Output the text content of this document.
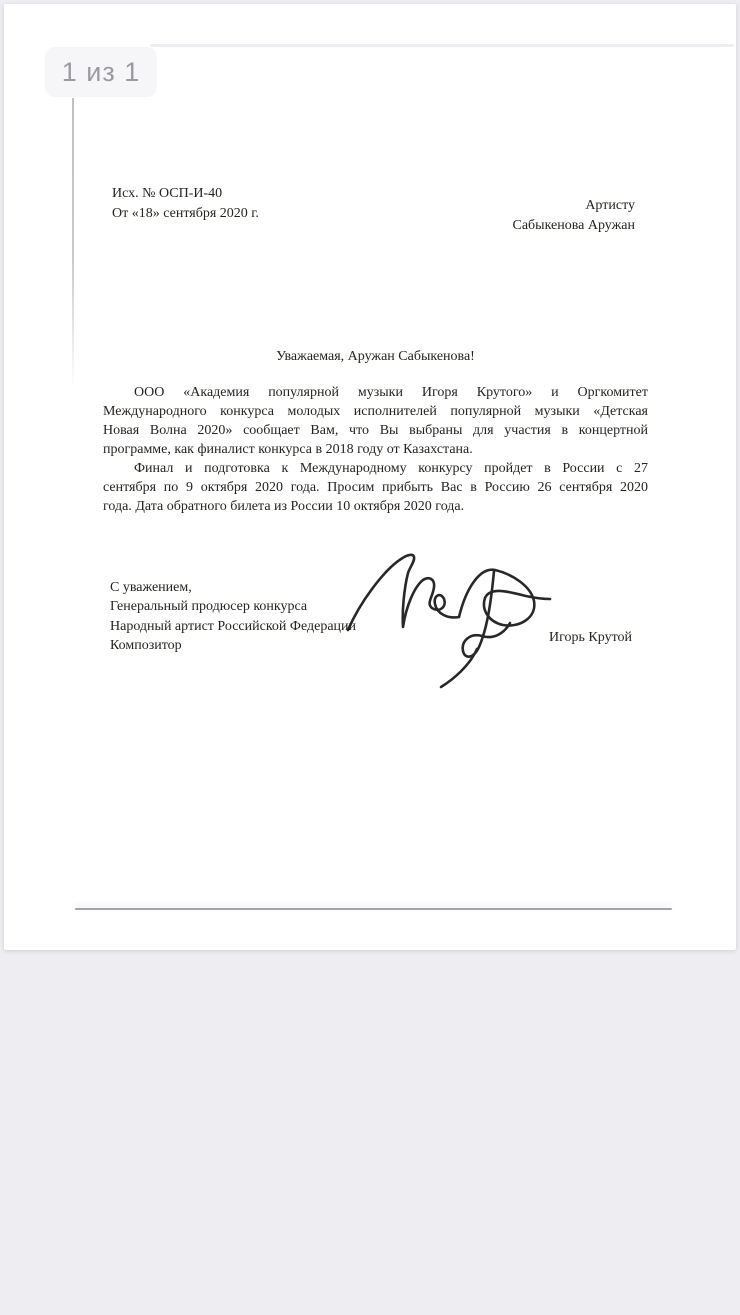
1 из 1
Исх. № ОСП-И-40
От «18» сентября 2020 г.	Артисту
Сабыкенова Аружан
Уважаемая, Аружан Сабыкенова!
ООО «Академия популярной музыки Игоря Крутого» и Оргкомитет
Международного конкурса молодых исполнителей популярной музыки «Детская
Новая Волна 2020» сообщает Вам, что Вы выбраны для участия в концертной
программе, как финалист конкурса в 2018 году от Казахстана.
Финал и подготовка к Международному конкурсу пройдет в России с 27
сентября по 9 октября 2020 года. Просим прибыть Вас в Россию 26 сентября 2020
года. Дата обратного билета из России 10 октября 2020 года.
С уважением,
Генеральный продюсер конкурса
Народный артист Российской Федерации
Композитор
Игорь Крутой
